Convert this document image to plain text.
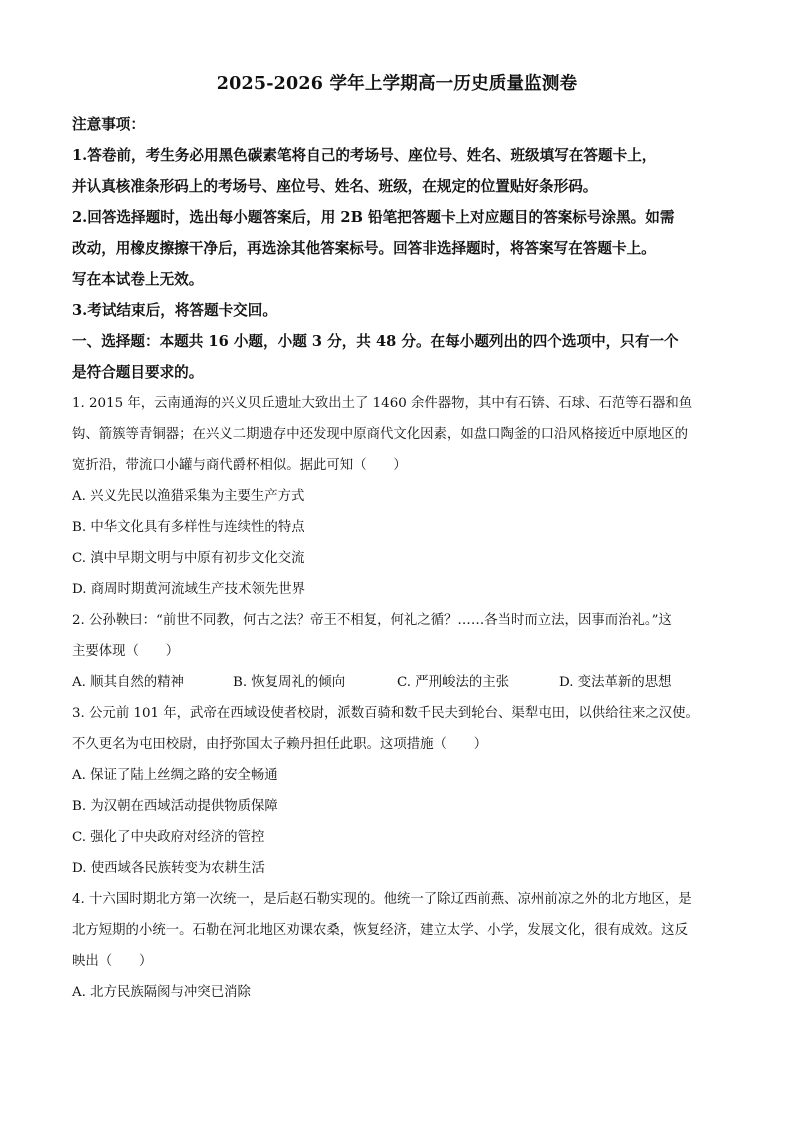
2025-2026 学年上学期高一历史质量监测卷
注意事项：
1.答卷前，考生务必用黑色碳素笔将自己的考场号、座位号、姓名、班级填写在答题卡上，
并认真核准条形码上的考场号、座位号、姓名、班级，在规定的位置贴好条形码。
2.回答选择题时，选出每小题答案后，用 2B 铅笔把答题卡上对应题目的答案标号涂黑。如需
改动，用橡皮擦擦干净后，再选涂其他答案标号。回答非选择题时，将答案写在答题卡上。
写在本试卷上无效。
3.考试结束后，将答题卡交回。
一、选择题：本题共 16 小题，小题 3 分，共 48 分。在每小题列出的四个选项中，只有一个
是符合题目要求的。
1. 2015 年，云南通海的兴义贝丘遗址大致出土了 1460 余件器物，其中有石锛、石球、石范等石器和鱼
钩、箭簇等青铜器；在兴义二期遗存中还发现中原商代文化因素，如盘口陶釜的口沿风格接近中原地区的
宽折沿，带流口小罐与商代爵杯相似。据此可知（　　）
A. 兴义先民以渔猎采集为主要生产方式
B. 中华文化具有多样性与连续性的特点
C. 滇中早期文明与中原有初步文化交流
D. 商周时期黄河流域生产技术领先世界
2. 公孙鞅曰：“前世不同教，何古之法？帝王不相复，何礼之循？……各当时而立法，因事而治礼。”这
主要体现（　　）
A. 顺其自然的精神	B. 恢复周礼的倾向	C. 严刑峻法的主张	D. 变法革新的思想
3. 公元前 101 年，武帝在西域设使者校尉，派数百骑和数千民夫到轮台、渠犁屯田，以供给往来之汉使。
不久更名为屯田校尉，由抒弥国太子赖丹担任此职。这项措施（　　）
A. 保证了陆上丝绸之路的安全畅通
B. 为汉朝在西域活动提供物质保障
C. 强化了中央政府对经济的管控
D. 使西域各民族转变为农耕生活
4. 十六国时期北方第一次统一，是后赵石勒实现的。他统一了除辽西前燕、凉州前凉之外的北方地区，是
北方短期的小统一。石勒在河北地区劝课农桑，恢复经济，建立太学、小学，发展文化，很有成效。这反
映出（　　）
A. 北方民族隔阂与冲突已消除
